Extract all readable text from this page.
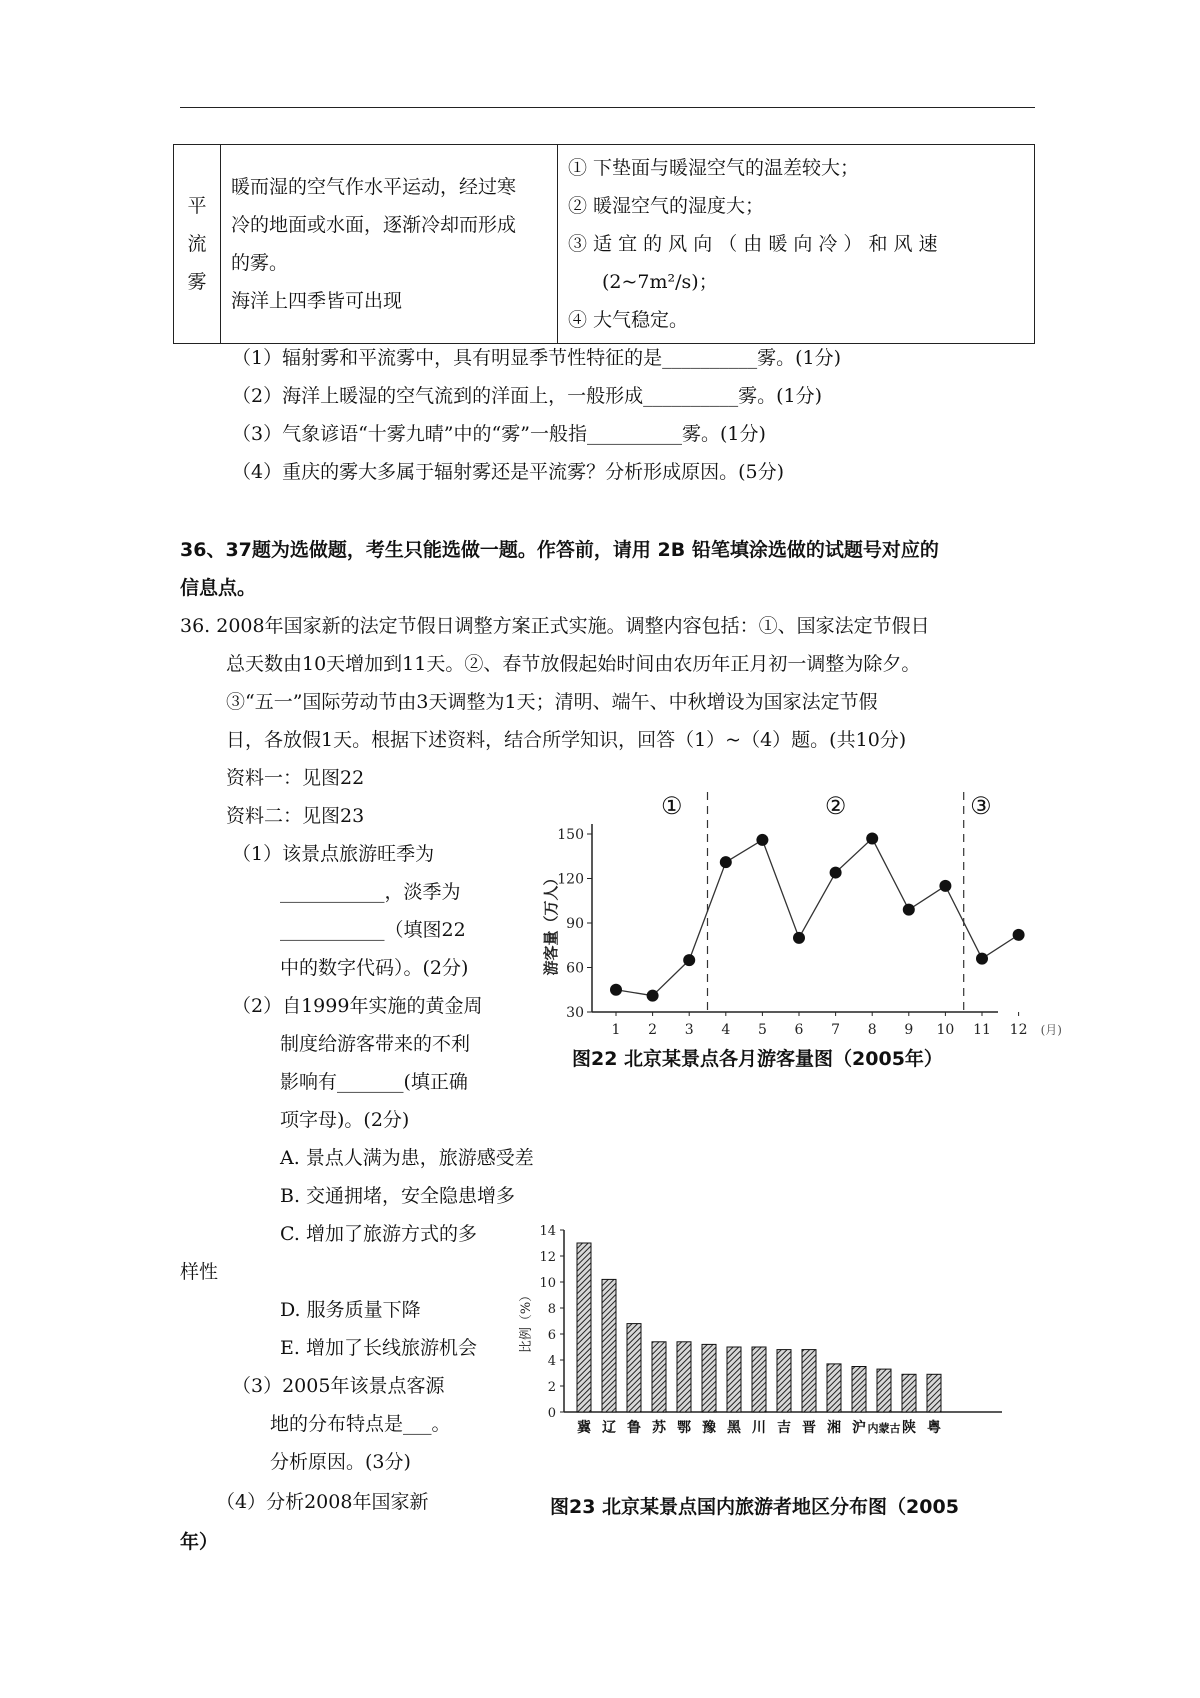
平
流
雾

暖而湿的空气作水平运动，经过寒
冷的地面或水面，逐渐冷却而形成
的雾。
海洋上四季皆可出现

① 下垫面与暖湿空气的温差较大；
② 暖湿空气的湿度大；
③ 适 宜 的 风 向 （ 由 暖 向 冷 ） 和 风 速
(2~7m²/s)；
④ 大气稳定。
（1）辐射雾和平流雾中，具有明显季节性特征的是__________雾。(1分)
（2）海洋上暖湿的空气流到的洋面上，一般形成__________雾。(1分)
（3）气象谚语“十雾九晴”中的“雾”一般指__________雾。(1分)
（4）重庆的雾大多属于辐射雾还是平流雾？分析形成原因。(5分)
36、37题为选做题，考生只能选做一题。作答前，请用 2B 铅笔填涂选做的试题号对应的
信息点。
36. 2008年国家新的法定节假日调整方案正式实施。调整内容包括：①、国家法定节假日
总天数由10天增加到11天。②、春节放假起始时间由农历年正月初一调整为除夕。
③“五一”国际劳动节由3天调整为1天；清明、端午、中秋增设为国家法定节假
日，各放假1天。根据下述资料，结合所学知识，回答（1）~（4）题。(共10分)
资料一：见图22
资料二：见图23
（1）该景点旅游旺季为
___________，淡季为
___________（填图22
中的数字代码）。(2分)
（2）自1999年实施的黄金周
制度给游客带来的不利
影响有_______(填正确
项字母)。(2分)
A. 景点人满为患，旅游感受差
B. 交通拥堵，安全隐患增多
C. 增加了旅游方式的多
样性
D. 服务质量下降
E. 增加了长线旅游机会
（3）2005年该景点客源
地的分布特点是___。
分析原因。(3分)
（4）分析2008年国家新
年）
30
60
90
120
150
1 2 3 4 5 6 7 8 9 10 11 12 (月)
游客量（万人）
①	②	③
图22 北京某景点各月游客量图（2005年）
0
2
4
6
8
10
12
14
比例（%）
冀 辽 鲁 苏 鄂 豫 黑 川 吉 晋 湘 沪 内蒙古 陕 粤
图23 北京某景点国内旅游者地区分布图（2005
